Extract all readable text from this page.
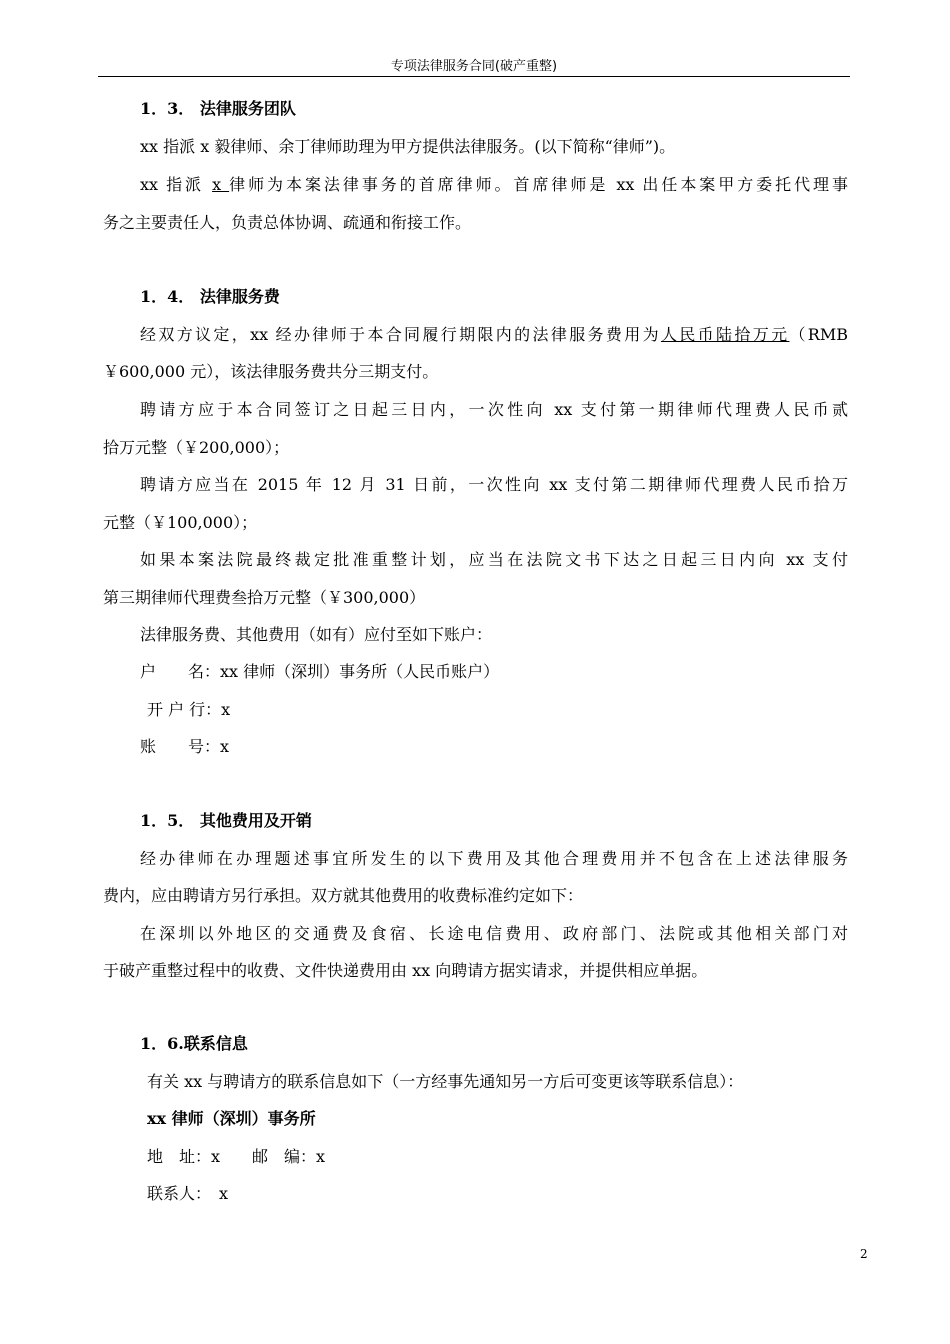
专项法律服务合同(破产重整)
1．3． 法律服务团队
xx 指派 x 毅律师、余丁律师助理为甲方提供法律服务。(以下简称“律师”)。
xx 指派 x 律师为本案法律事务的首席律师。首席律师是 xx 出任本案甲方委托代理事
务之主要责任人，负责总体协调、疏通和衔接工作。
1．4． 法律服务费
经双方议定，xx 经办律师于本合同履行期限内的法律服务费用为人民币陆拾万元（RMB
￥600,000 元），该法律服务费共分三期支付。
聘请方应于本合同签订之日起三日内，一次性向 xx 支付第一期律师代理费人民币贰
拾万元整（￥200,000）；
聘请方应当在 2015 年 12 月 31 日前，一次性向 xx 支付第二期律师代理费人民币拾万
元整（￥100,000）；
如果本案法院最终裁定批准重整计划，应当在法院文书下达之日起三日内向 xx 支付
第三期律师代理费叁拾万元整（￥300,000）
法律服务费、其他费用（如有）应付至如下账户：
户　　名：xx 律师（深圳）事务所（人民币账户）
开 户 行：x
账　　号：x
1．5． 其他费用及开销
经办律师在办理题述事宜所发生的以下费用及其他合理费用并不包含在上述法律服务
费内，应由聘请方另行承担。双方就其他费用的收费标准约定如下：
在深圳以外地区的交通费及食宿、长途电信费用、政府部门、法院或其他相关部门对
于破产重整过程中的收费、文件快递费用由 xx 向聘请方据实请求，并提供相应单据。
1．6.联系信息
有关 xx 与聘请方的联系信息如下（一方经事先通知另一方后可变更该等联系信息）：
xx 律师（深圳）事务所
地　址：x　　邮　编：x
联系人：　x
2
